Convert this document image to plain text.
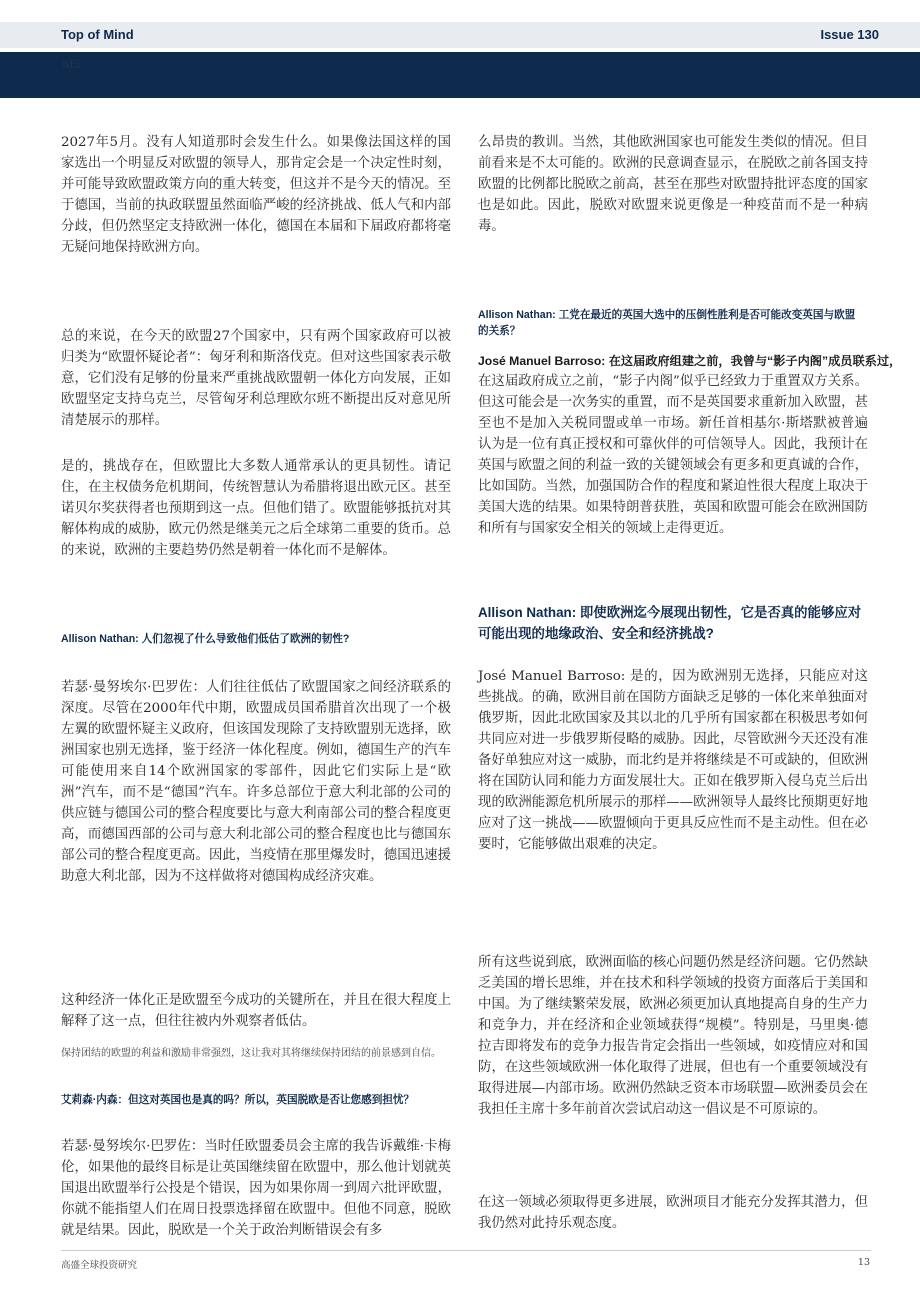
Top of Mind	Issue 130
hEl

2027年5月。没有人知道那时会发生什么。如果像法国这样的国家选出一个明显反对欧盟的领导人，那肯定会是一个决定性时刻，并可能导致欧盟政策方向的重大转变，但这并不是今天的情况。至于德国，当前的执政联盟虽然面临严峻的经济挑战、低人气和内部分歧，但仍然坚定支持欧洲一体化，德国在本届和下届政府都将毫无疑问地保持欧洲方向。

总的来说，在今天的欧盟27个国家中，只有两个国家政府可以被归类为“欧盟怀疑论者”：匈牙利和斯洛伐克。但对这些国家表示敬意，它们没有足够的份量来严重挑战欧盟朝一体化方向发展，正如欧盟坚定支持乌克兰，尽管匈牙利总理欧尔班不断提出反对意见所清楚展示的那样。

是的，挑战存在，但欧盟比大多数人通常承认的更具韧性。请记住，在主权债务危机期间，传统智慧认为希腊将退出欧元区。甚至诺贝尔奖获得者也预期到这一点。但他们错了。欧盟能够抵抗对其解体构成的威胁，欧元仍然是继美元之后全球第二重要的货币。总的来说，欧洲的主要趋势仍然是朝着一体化而不是解体。

Allison Nathan: 人们忽视了什么导致他们低估了欧洲的韧性?

若瑟·曼努埃尔·巴罗佐：人们往往低估了欧盟国家之间经济联系的深度。尽管在2000年代中期，欧盟成员国希腊首次出现了一个极左翼的欧盟怀疑主义政府，但该国发现除了支持欧盟别无选择，欧洲国家也别无选择，鉴于经济一体化程度。例如，德国生产的汽车可能使用来自14个欧洲国家的零部件，因此它们实际上是“欧洲”汽车，而不是“德国”汽车。许多总部位于意大利北部的公司的供应链与德国公司的整合程度要比与意大利南部公司的整合程度更高，而德国西部的公司与意大利北部公司的整合程度也比与德国东部公司的整合程度更高。因此，当疫情在那里爆发时，德国迅速援助意大利北部，因为不这样做将对德国构成经济灾难。

这种经济一体化正是欧盟至今成功的关键所在，并且在很大程度上解释了这一点，但往往被内外观察者低估。

保持团结的欧盟的利益和激励非常强烈，这让我对其将继续保持团结的前景感到自信。

艾莉森·内森：但这对英国也是真的吗？所以，英国脱欧是否让您感到担忧？

若瑟·曼努埃尔·巴罗佐：当时任欧盟委员会主席的我告诉戴维·卡梅伦，如果他的最终目标是让英国继续留在欧盟中，那么他计划就英国退出欧盟举行公投是个错误，因为如果你周一到周六批评欧盟，你就不能指望人们在周日投票选择留在欧盟中。但他不同意，脱欧就是结果。因此，脱欧是一个关于政治判断错误会有多

么昂贵的教训。当然，其他欧洲国家也可能发生类似的情况。但目前看来是不太可能的。欧洲的民意调查显示，在脱欧之前各国支持欧盟的比例都比脱欧之前高，甚至在那些对欧盟持批评态度的国家也是如此。因此，脱欧对欧盟来说更像是一种疫苗而不是一种病毒。

Allison Nathan: 工党在最近的英国大选中的压倒性胜利是否可能改变英国与欧盟的关系？

José Manuel Barroso: 在这届政府组建之前，我曾与“影子内阁”成员联系过，

在这届政府成立之前，“影子内阁”似乎已经致力于重置双方关系。但这可能会是一次务实的重置，而不是英国要求重新加入欧盟，甚至也不是加入关税同盟或单一市场。新任首相基尔·斯塔默被普遍认为是一位有真正授权和可靠伙伴的可信领导人。因此，我预计在英国与欧盟之间的利益一致的关键领域会有更多和更真诚的合作，比如国防。当然，加强国防合作的程度和紧迫性很大程度上取决于美国大选的结果。如果特朗普获胜，英国和欧盟可能会在欧洲国防和所有与国家安全相关的领域上走得更近。

Allison Nathan: 即使欧洲迄今展现出韧性，它是否真的能够应对可能出现的地缘政治、安全和经济挑战?

José Manuel Barroso: 是的，因为欧洲别无选择，只能应对这些挑战。的确，欧洲目前在国防方面缺乏足够的一体化来单独面对俄罗斯，因此北欧国家及其以北的几乎所有国家都在积极思考如何共同应对进一步俄罗斯侵略的威胁。因此，尽管欧洲今天还没有准备好单独应对这一威胁，而北约是并将继续是不可或缺的，但欧洲将在国防认同和能力方面发展壮大。正如在俄罗斯入侵乌克兰后出现的欧洲能源危机所展示的那样——欧洲领导人最终比预期更好地应对了这一挑战——欧盟倾向于更具反应性而不是主动性。但在必要时，它能够做出艰难的决定。

所有这些说到底，欧洲面临的核心问题仍然是经济问题。它仍然缺乏美国的增长思维，并在技术和科学领域的投资方面落后于美国和中国。为了继续繁荣发展，欧洲必须更加认真地提高自身的生产力和竞争力，并在经济和企业领域获得“规模”。特别是，马里奥·德拉吉即将发布的竞争力报告肯定会指出一些领域，如疫情应对和国防，在这些领域欧洲一体化取得了进展，但也有一个重要领域没有取得进展—内部市场。欧洲仍然缺乏资本市场联盟—欧洲委员会在我担任主席十多年前首次尝试启动这一倡议是不可原谅的。

在这一领域必须取得更多进展，欧洲项目才能充分发挥其潜力，但我仍然对此持乐观态度。

高盛全球投资研究	13
